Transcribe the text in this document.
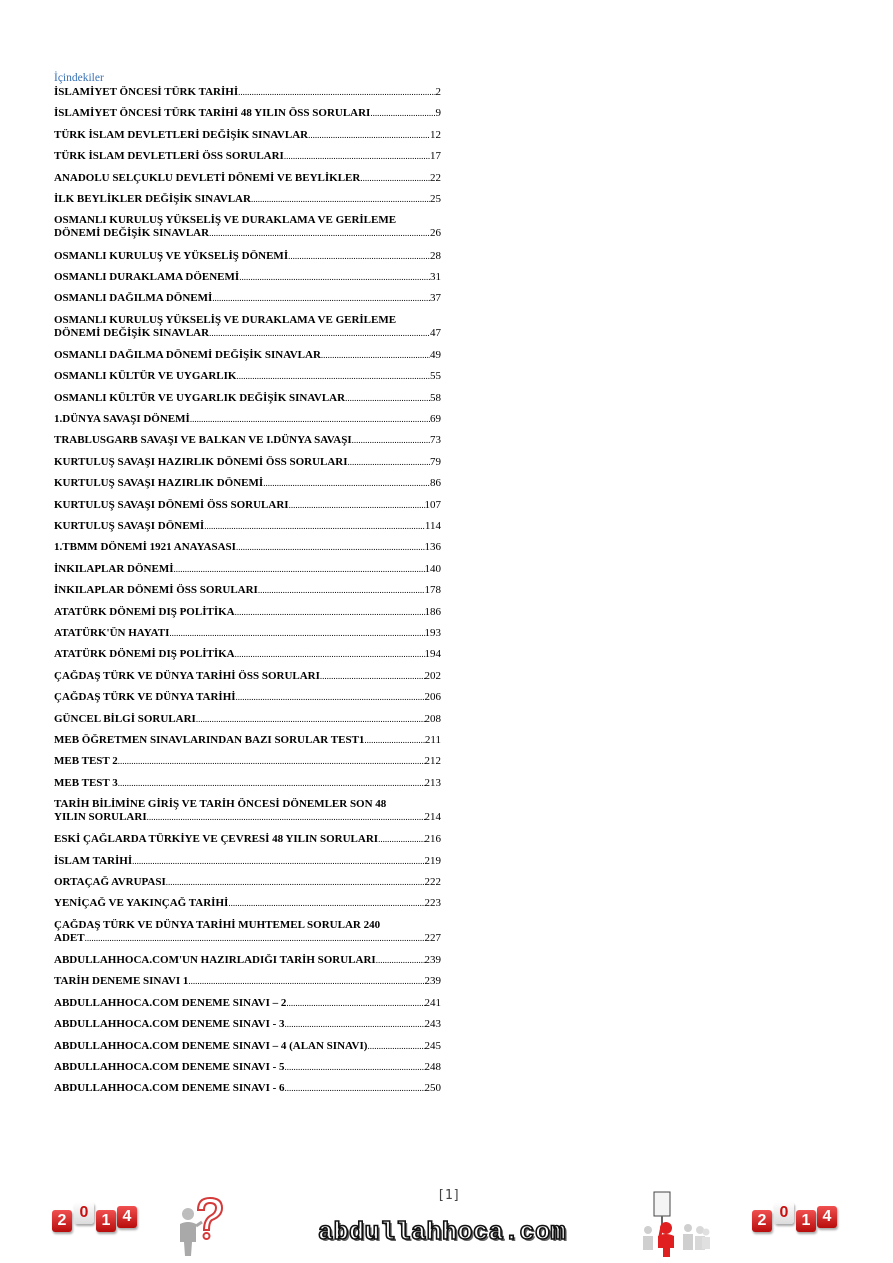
İçindekiler
İSLAMİYET ÖNCESİ TÜRK TARİHİ .....	2
İSLAMİYET ÖNCESİ TÜRK TARİHİ 48 YILIN ÖSS SORULARI .....	9
TÜRK İSLAM DEVLETLERİ DEĞİŞİK SINAVLAR .....	12
TÜRK İSLAM DEVLETLERİ ÖSS SORULARI .....	17
ANADOLU SELÇUKLU DEVLETİ DÖNEMİ VE BEYLİKLER .....	22
İLK BEYLİKLER DEĞİŞİK SINAVLAR .....	25
OSMANLI KURULUŞ YÜKSELİŞ VE DURAKLAMA VE GERİLEME
DÖNEMİ DEĞİŞİK SINAVLAR .....	26
OSMANLI KURULUŞ VE YÜKSELİŞ DÖNEMİ .....	28
OSMANLI DURAKLAMA DÖENEMİ .....	31
OSMANLI DAĞILMA DÖNEMİ .....	37
OSMANLI KURULUŞ YÜKSELİŞ VE DURAKLAMA VE GERİLEME
DÖNEMİ DEĞİŞİK SINAVLAR .....	47
OSMANLI DAĞILMA DÖNEMİ DEĞİŞİK SINAVLAR .....	49
OSMANLI KÜLTÜR VE UYGARLIK .....	55
OSMANLI KÜLTÜR VE UYGARLIK DEĞİŞİK SINAVLAR .....	58
1.DÜNYA SAVAŞI DÖNEMİ .....	69
TRABLUSGARB SAVAŞI VE BALKAN VE I.DÜNYA SAVAŞI .....	73
KURTULUŞ SAVAŞI HAZIRLIK DÖNEMİ ÖSS SORULARI .....	79
KURTULUŞ SAVAŞI HAZIRLIK DÖNEMİ .....	86
KURTULUŞ SAVAŞI DÖNEMİ ÖSS SORULARI .....	107
KURTULUŞ SAVAŞI DÖNEMİ .....	114
1.TBMM DÖNEMİ 1921 ANAYASASI .....	136
İNKILAPLAR DÖNEMİ .....	140
İNKILAPLAR DÖNEMİ ÖSS SORULARI .....	178
ATATÜRK DÖNEMİ DIŞ POLİTİKA .....	186
ATATÜRK'ÜN HAYATI .....	193
ATATÜRK DÖNEMİ DIŞ POLİTİKA .....	194
ÇAĞDAŞ TÜRK VE DÜNYA TARİHİ ÖSS SORULARI .....	202
ÇAĞDAŞ TÜRK VE DÜNYA TARİHİ .....	206
GÜNCEL BİLGİ SORULARI .....	208
MEB ÖĞRETMEN SINAVLARINDAN BAZI SORULAR TEST1 .....	211
MEB TEST 2 .....	212
MEB TEST 3 .....	213
TARİH BİLİMİNE GİRİŞ VE TARİH ÖNCESİ DÖNEMLER SON 48
YILIN SORULARI .....	214
ESKİ ÇAĞLARDA TÜRKİYE VE ÇEVRESİ 48 YILIN SORULARI .....	216
İSLAM TARİHİ .....	219
ORTAÇAĞ AVRUPASI .....	222
YENİÇAĞ VE YAKINÇAĞ TARİHİ .....	223
ÇAĞDAŞ TÜRK VE DÜNYA TARİHİ MUHTEMEL SORULAR 240
ADET .....	227
ABDULLAHHOCA.COM'UN HAZIRLADIĞI TARİH SORULARI .....	239
TARİH DENEME SINAVI 1 .....	239
ABDULLAHHOCA.COM DENEME SINAVI – 2 .....	241
ABDULLAHHOCA.COM DENEME SINAVI - 3 .....	243
ABDULLAHHOCA.COM DENEME SINAVI – 4 (ALAN SINAVI) .....	245
ABDULLAHHOCA.COM DENEME SINAVI - 5 .....	248
ABDULLAHHOCA.COM DENEME SINAVI - 6 .....	250
2 0 1 4
[1]
abdullahhoca.com	2 0 1 4
